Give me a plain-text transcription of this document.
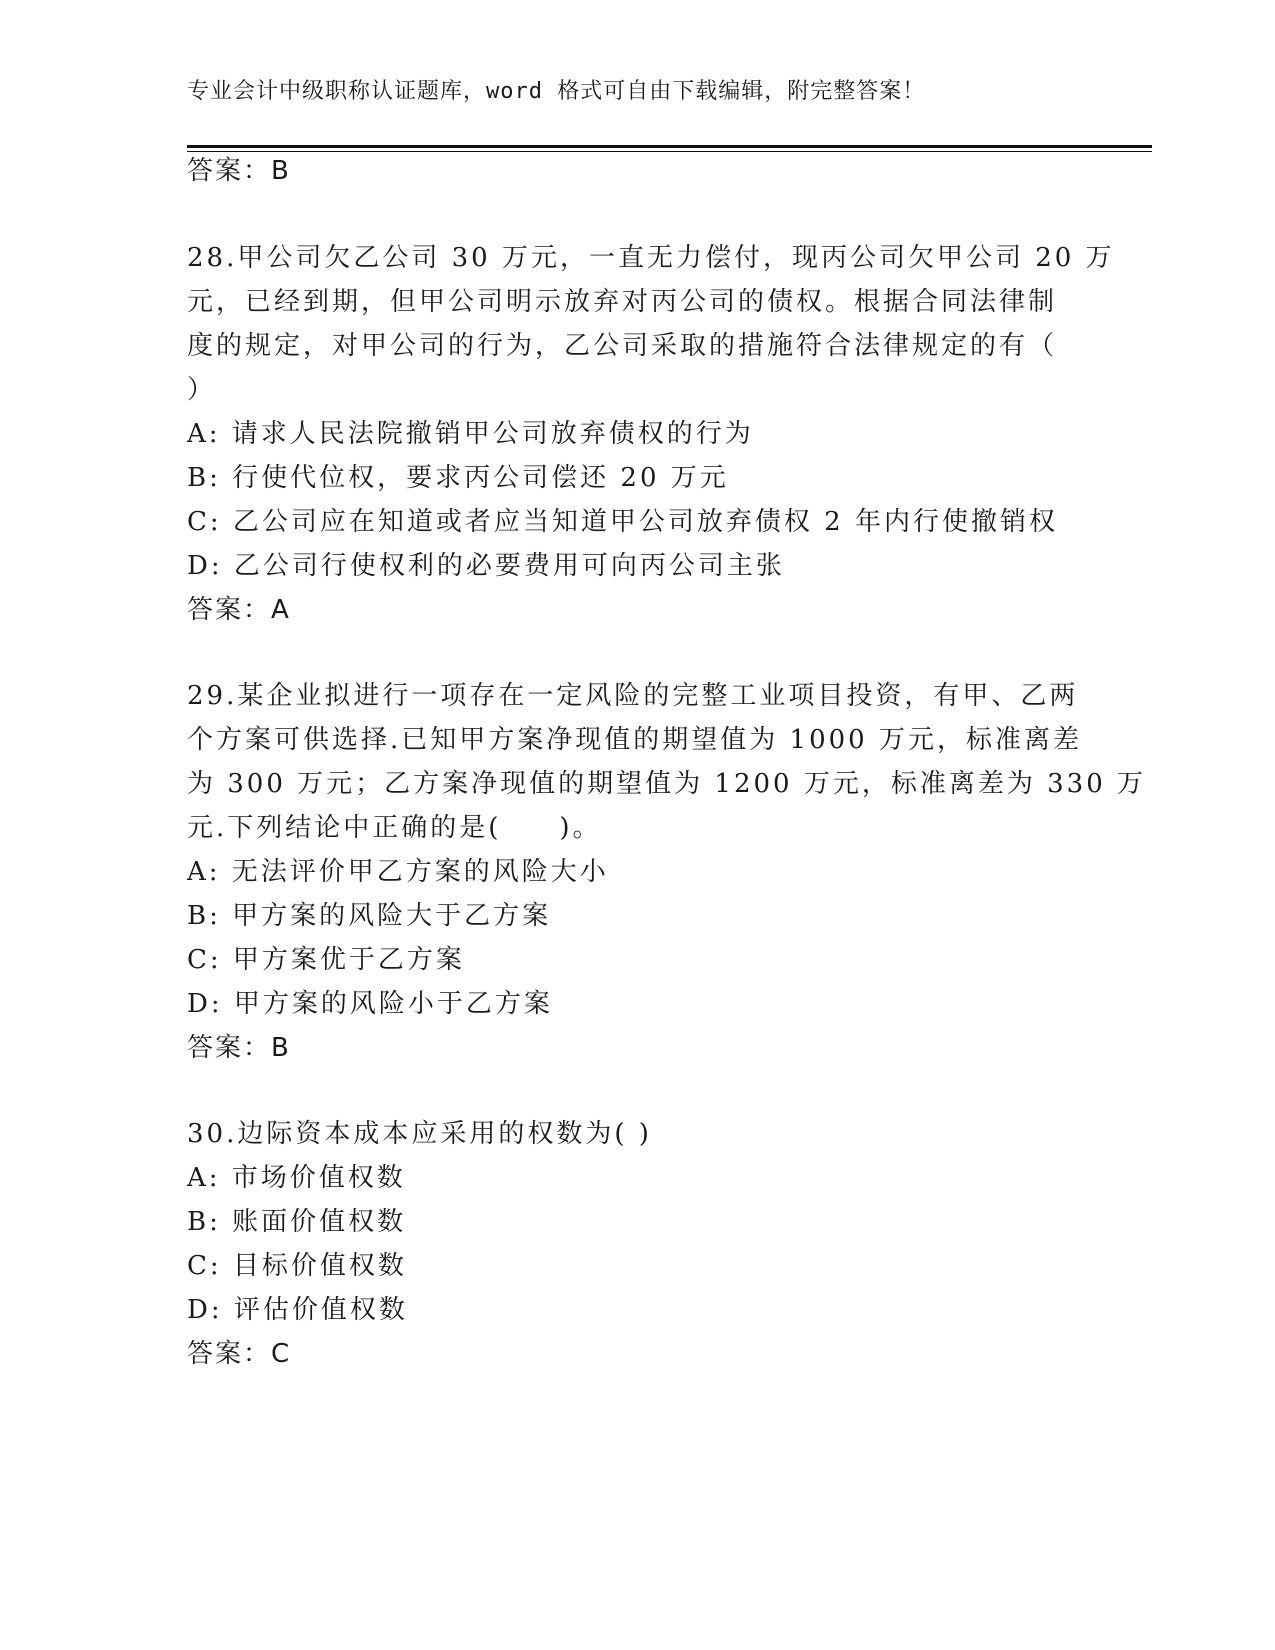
专业会计中级职称认证题库，word 格式可自由下载编辑，附完整答案！
答案：B
28.甲公司欠乙公司 30 万元，一直无力偿付，现丙公司欠甲公司 20 万
元，已经到期，但甲公司明示放弃对丙公司的债权。根据合同法律制
度的规定，对甲公司的行为，乙公司采取的措施符合法律规定的有（
）
A: 请求人民法院撤销甲公司放弃债权的行为
B: 行使代位权，要求丙公司偿还 20 万元
C: 乙公司应在知道或者应当知道甲公司放弃债权 2 年内行使撤销权
D: 乙公司行使权利的必要费用可向丙公司主张
答案：A
29.某企业拟进行一项存在一定风险的完整工业项目投资，有甲、乙两
个方案可供选择.已知甲方案净现值的期望值为 1000 万元，标准离差
为 300 万元；乙方案净现值的期望值为 1200 万元，标准离差为 330 万
元.下列结论中正确的是(　　)。
A: 无法评价甲乙方案的风险大小
B: 甲方案的风险大于乙方案
C: 甲方案优于乙方案
D: 甲方案的风险小于乙方案
答案：B
30.边际资本成本应采用的权数为( )
A: 市场价值权数
B: 账面价值权数
C: 目标价值权数
D: 评估价值权数
答案：C
